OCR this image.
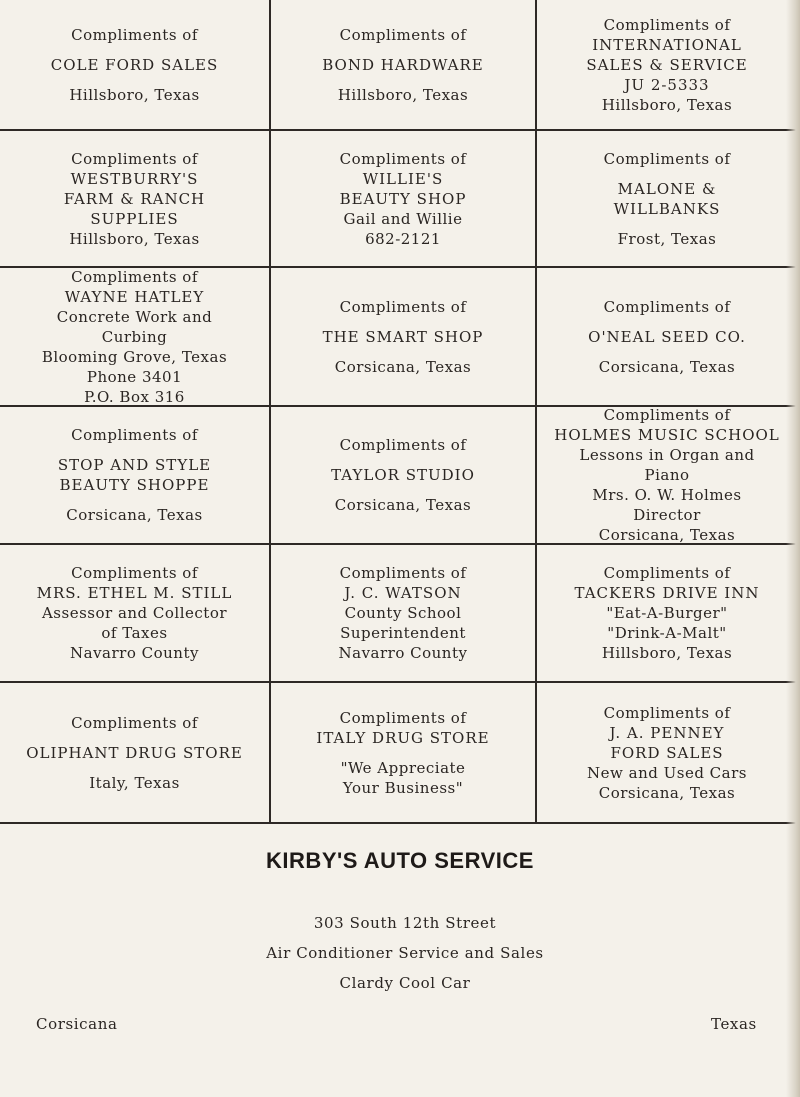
Compliments of
COLE FORD SALES
Hillsboro, Texas
Compliments of
BOND HARDWARE
Hillsboro, Texas
Compliments of
INTERNATIONAL
SALES & SERVICE
JU 2-5333
Hillsboro, Texas
Compliments of
WESTBURRY'S
FARM & RANCH
SUPPLIES
Hillsboro, Texas
Compliments of
WILLIE'S
BEAUTY SHOP
Gail and Willie
682-2121
Compliments of
MALONE &
WILLBANKS
Frost, Texas
Compliments of
WAYNE HATLEY
Concrete Work and
Curbing
Blooming Grove, Texas
Phone 3401
P.O. Box 316
Compliments of
THE SMART SHOP
Corsicana, Texas
Compliments of
O'NEAL SEED CO.
Corsicana, Texas
Compliments of
STOP AND STYLE
BEAUTY SHOPPE
Corsicana, Texas
Compliments of
TAYLOR STUDIO
Corsicana, Texas
Compliments of
HOLMES MUSIC SCHOOL
Lessons in Organ and
Piano
Mrs. O. W. Holmes
Director
Corsicana, Texas
Compliments of
MRS. ETHEL M. STILL
Assessor and Collector
of Taxes
Navarro County
Compliments of
J. C. WATSON
County School
Superintendent
Navarro County
Compliments of
TACKERS DRIVE INN
"Eat-A-Burger"
"Drink-A-Malt"
Hillsboro, Texas
Compliments of
OLIPHANT DRUG STORE
Italy, Texas
Compliments of
ITALY DRUG STORE
"We Appreciate
Your Business"
Compliments of
J. A. PENNEY
FORD SALES
New and Used Cars
Corsicana, Texas
KIRBY'S AUTO SERVICE
303 South 12th Street
Air Conditioner Service and Sales
Clardy Cool Car
Corsicana	Texas
